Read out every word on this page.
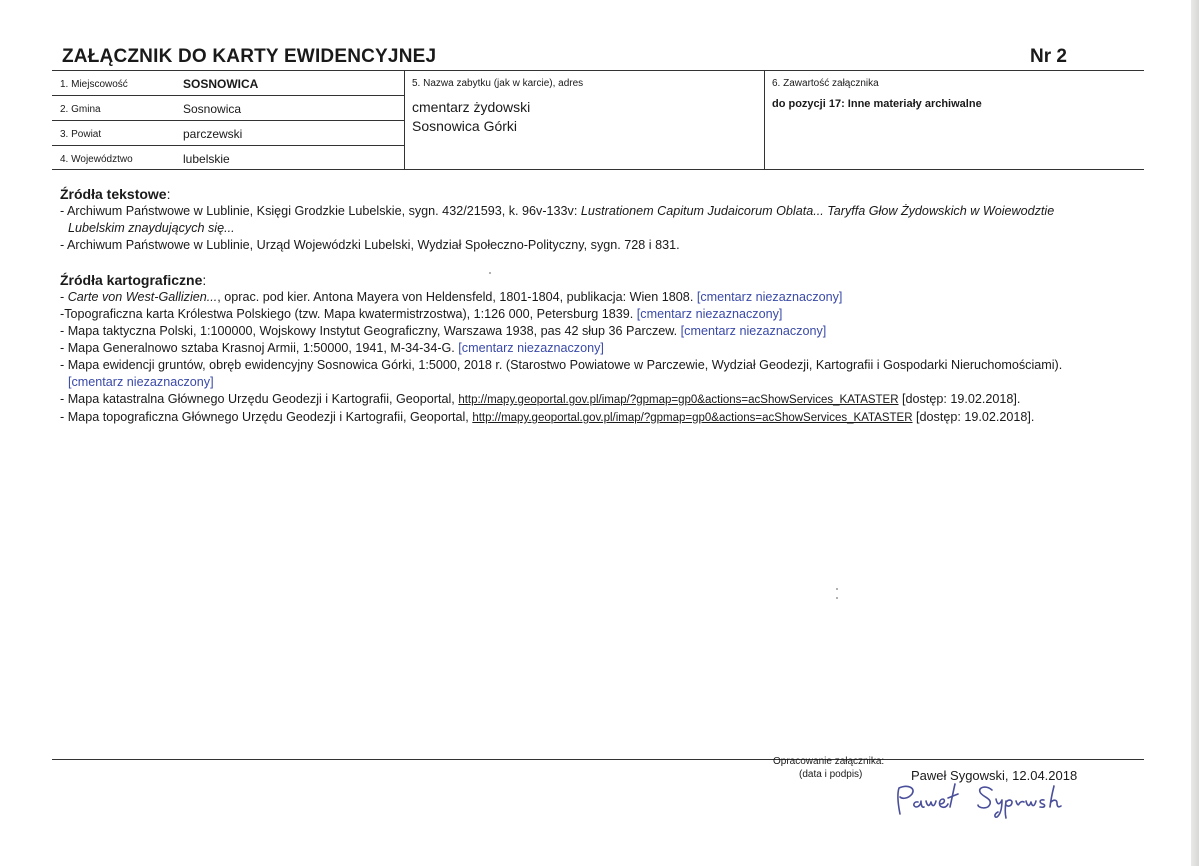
ZAŁĄCZNIK DO KARTY EWIDENCYJNEJ	Nr 2
1. Miejscowość	SOSNOWICA
2. Gmina	Sosnowica
3. Powiat	parczewski
4. Województwo	lubelskie
5. Nazwa zabytku (jak w karcie), adres
cmentarz żydowski
Sosnowica Górki
6. Zawartość załącznika
do pozycji 17: Inne materiały archiwalne
Źródła tekstowe:
- Archiwum Państwowe w Lublinie, Księgi Grodzkie Lubelskie, sygn. 432/21593, k. 96v-133v: Lustrationem Capitum Judaicorum Oblata... Taryffa Głow Żydowskich w Woiewodztie
Lubelskim znaydujących się...
- Archiwum Państwowe w Lublinie, Urząd Wojewódzki Lubelski, Wydział Społeczno-Polityczny, sygn. 728 i 831.
Źródła kartograficzne:
- Carte von West-Gallizien..., oprac. pod kier. Antona Mayera von Heldensfeld, 1801-1804, publikacja: Wien 1808. [cmentarz niezaznaczony]
-Topograficzna karta Królestwa Polskiego (tzw. Mapa kwatermistrzostwa), 1:126 000, Petersburg 1839. [cmentarz niezaznaczony]
- Mapa taktyczna Polski, 1:100000, Wojskowy Instytut Geograficzny, Warszawa 1938, pas 42 słup 36 Parczew. [cmentarz niezaznaczony]
- Mapa Generalnowo sztaba Krasnoj Armii, 1:50000, 1941, M-34-34-G. [cmentarz niezaznaczony]
- Mapa ewidencji gruntów, obręb ewidencyjny Sosnowica Górki, 1:5000, 2018 r. (Starostwo Powiatowe w Parczewie, Wydział Geodezji, Kartografii i Gospodarki Nieruchomościami).
[cmentarz niezaznaczony]
- Mapa katastralna Głównego Urzędu Geodezji i Kartografii, Geoportal, http://mapy.geoportal.gov.pl/imap/?gpmap=gp0&actions=acShowServices_KATASTER [dostęp: 19.02.2018].
- Mapa topograficzna Głównego Urzędu Geodezji i Kartografii, Geoportal, http://mapy.geoportal.gov.pl/imap/?gpmap=gp0&actions=acShowServices_KATASTER [dostęp: 19.02.2018].
Opracowanie załącznika:
(data i podpis)	Paweł Sygowski, 12.04.2018
